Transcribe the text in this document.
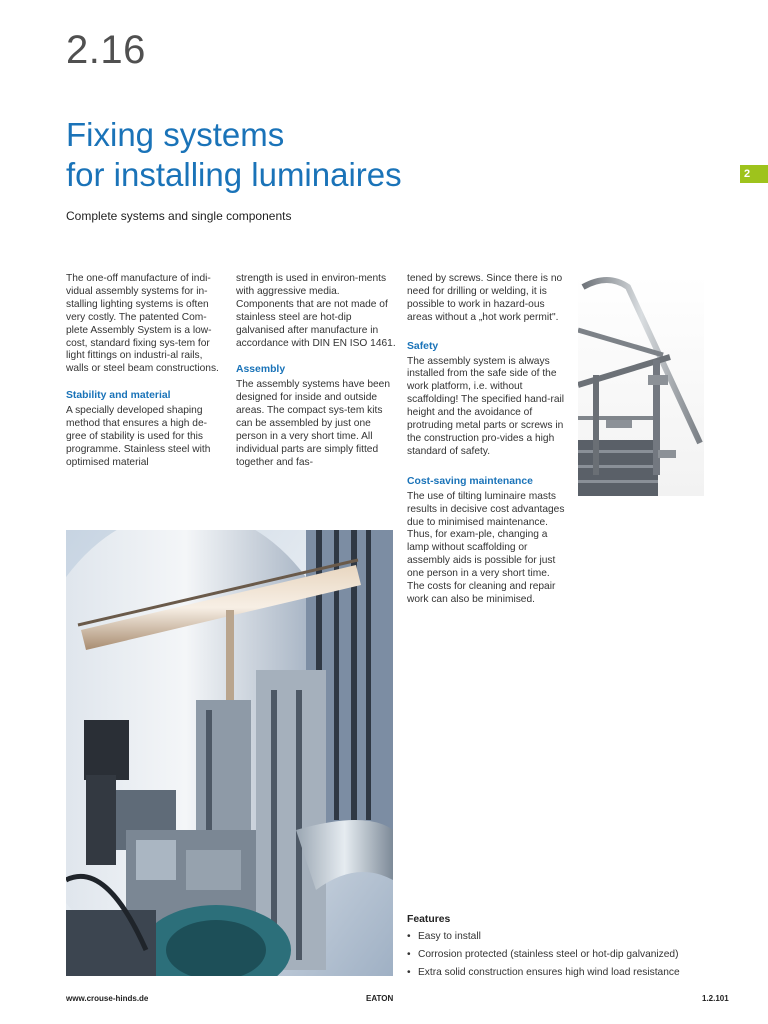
2.16
Fixing systems
for installing luminaires
Complete systems and single components
2

The one-off manufacture of indi-vidual assembly systems for in-stalling lighting systems is often very costly. The patented Com-plete Assembly System is a low-cost, standard fixing sys-tem for light fittings on industri-al rails, walls or steel beam constructions.

Stability and material

A specially developed shaping method that ensures a high de-gree of stability is used for this programme. Stainless steel with optimised material

strength is used in environ-ments with aggressive media. Components that are not made of stainless steel are hot-dip galvanised after manufacture in accordance with DIN EN ISO 1461.

Assembly

The assembly systems have been designed for inside and outside areas. The compact sys-tem kits can be assembled by just one person in a very short time. All individual parts are simply fitted together and fas-

tened by screws. Since there is no need for drilling or welding, it is possible to work in hazard-ous areas without a „hot work permit".

Safety

The assembly system is always installed from the safe side of the work platform, i.e. without scaffolding! The specified hand-rail height and the avoidance of protruding metal parts or screws in the construction pro-vides a high standard of safety.

Cost-saving maintenance

The use of tilting luminaire masts results in decisive cost advantages due to minimised maintenance. Thus, for exam-ple, changing a lamp without scaffolding or assembly aids is possible for just one person in a very short time. The costs for cleaning and repair work can also be minimised.

Features
• Easy to install
• Corrosion protected (stainless steel or hot-dip galvanized)
• Extra solid construction ensures high wind load resistance
www.crouse-hinds.de	EATON	1.2.101
